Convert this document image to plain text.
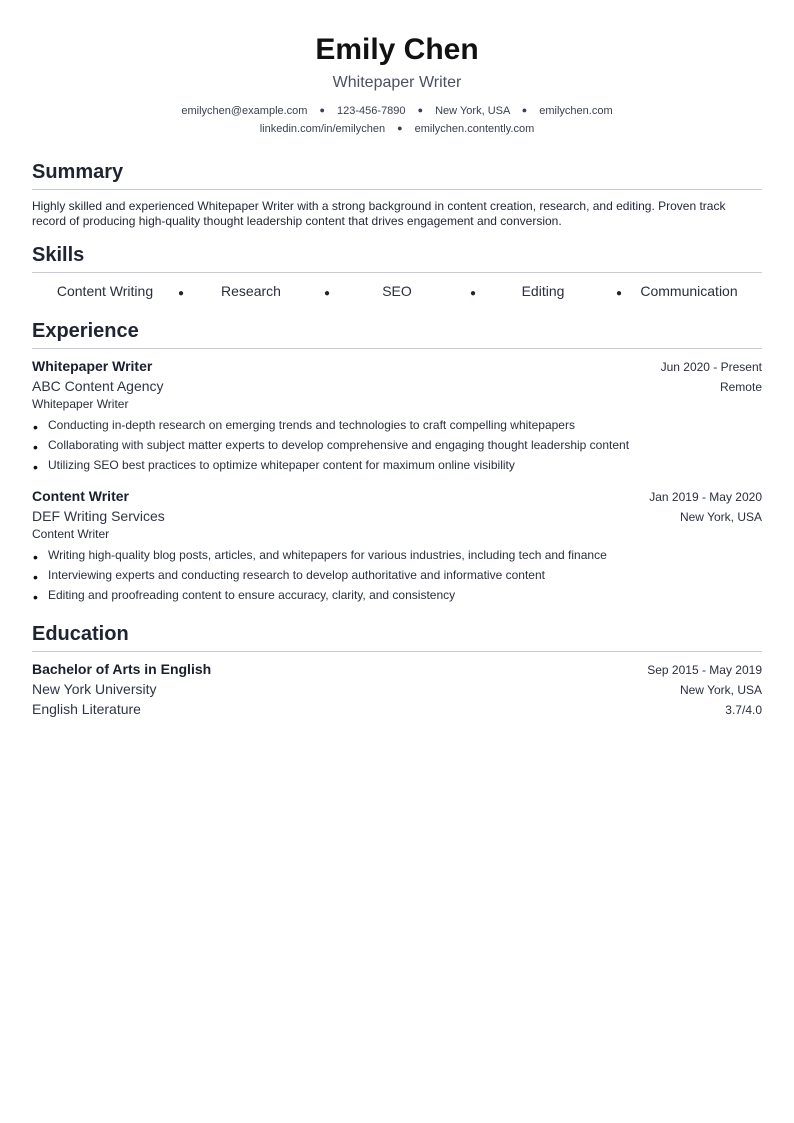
Emily Chen
Whitepaper Writer
emilychen@example.com ● 123-456-7890 ● New York, USA ● emilychen.com
linkedin.com/in/emilychen ● emilychen.contently.com
Summary
Highly skilled and experienced Whitepaper Writer with a strong background in content creation, research, and editing. Proven track record of producing high-quality thought leadership content that drives engagement and conversion.
Skills
Content Writing	●	Research	●	SEO	●	Editing	●	Communication
Experience
Whitepaper Writer	Jun 2020 - Present
ABC Content Agency	Remote
Whitepaper Writer
• Conducting in-depth research on emerging trends and technologies to craft compelling whitepapers
• Collaborating with subject matter experts to develop comprehensive and engaging thought leadership content
• Utilizing SEO best practices to optimize whitepaper content for maximum online visibility
Content Writer	Jan 2019 - May 2020
DEF Writing Services	New York, USA
Content Writer
• Writing high-quality blog posts, articles, and whitepapers for various industries, including tech and finance
• Interviewing experts and conducting research to develop authoritative and informative content
• Editing and proofreading content to ensure accuracy, clarity, and consistency
Education
Bachelor of Arts in English	Sep 2015 - May 2019
New York University	New York, USA
English Literature	3.7/4.0
